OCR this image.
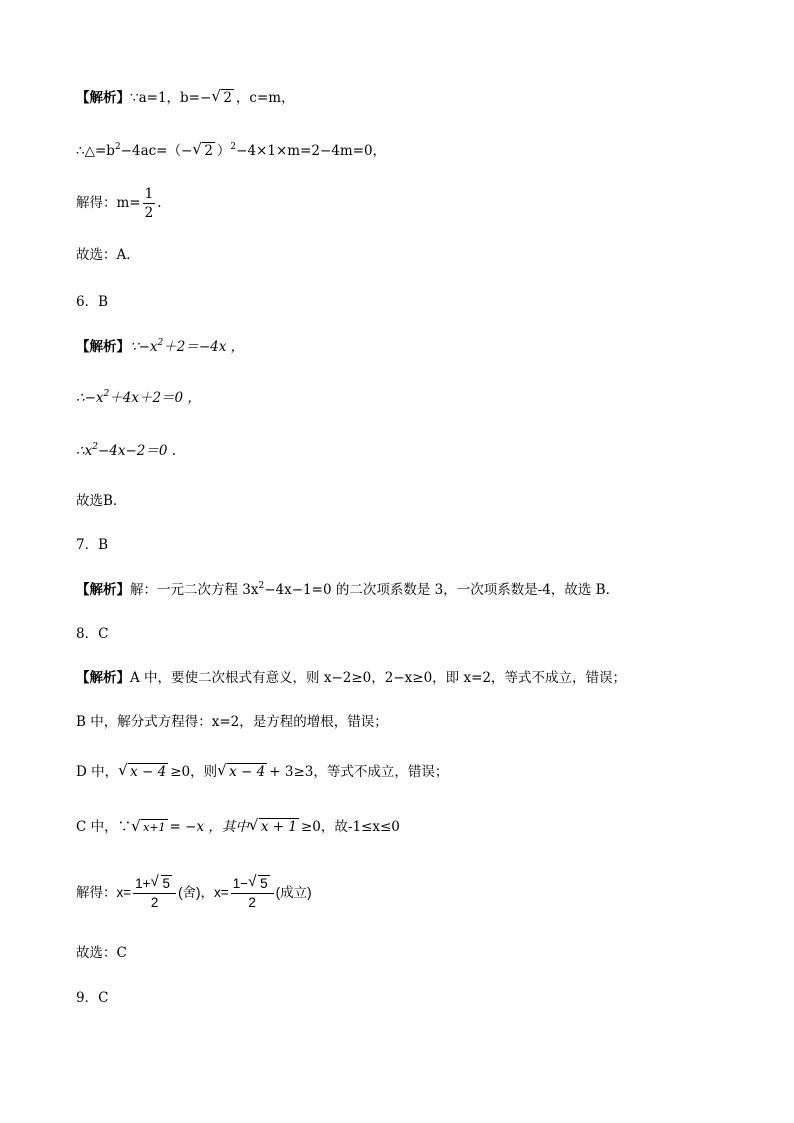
【解析】∵a=1，b=− √ 2 ，c=m，
$\therefore\triangle=b^2-4ac=(-$ √ 2 ）$^2$−4×1×m=2−4m=0，
解得：$m= \frac{1}{2}$ .
故选：A．
6．B
【解析】$\because-x^2+2=-4x$ ，
$\therefore-x^2+4x+2=0$ ，
$\therefore x^2-4x-2=0$ .
故选B．
7．B
【解析】解：一元二次方程 $3x^2-4x-1=0$ 的二次项系数是 3，一次项系数是-4，故选 B．
8．C
【解析】A 中，要使二次根式有意义，则 x−2≥0，2−x≥0，即 x=2，等式不成立，错误；
B 中，解分式方程得：x=2，是方程的增根，错误；
D 中， √ x − 4 ≥0，则 √ x − 4 + 3≥3，等式不成立，错误；
C 中，∵ √ x+1 = −x ，其中 √ x + 1 ≥0，故-1≤x≤0
解得：$x= \frac{1+ √ 5}{2}$ (舍)，$x= \frac{1- √ 5}{2}$ (成立)
故选：C
9．C
